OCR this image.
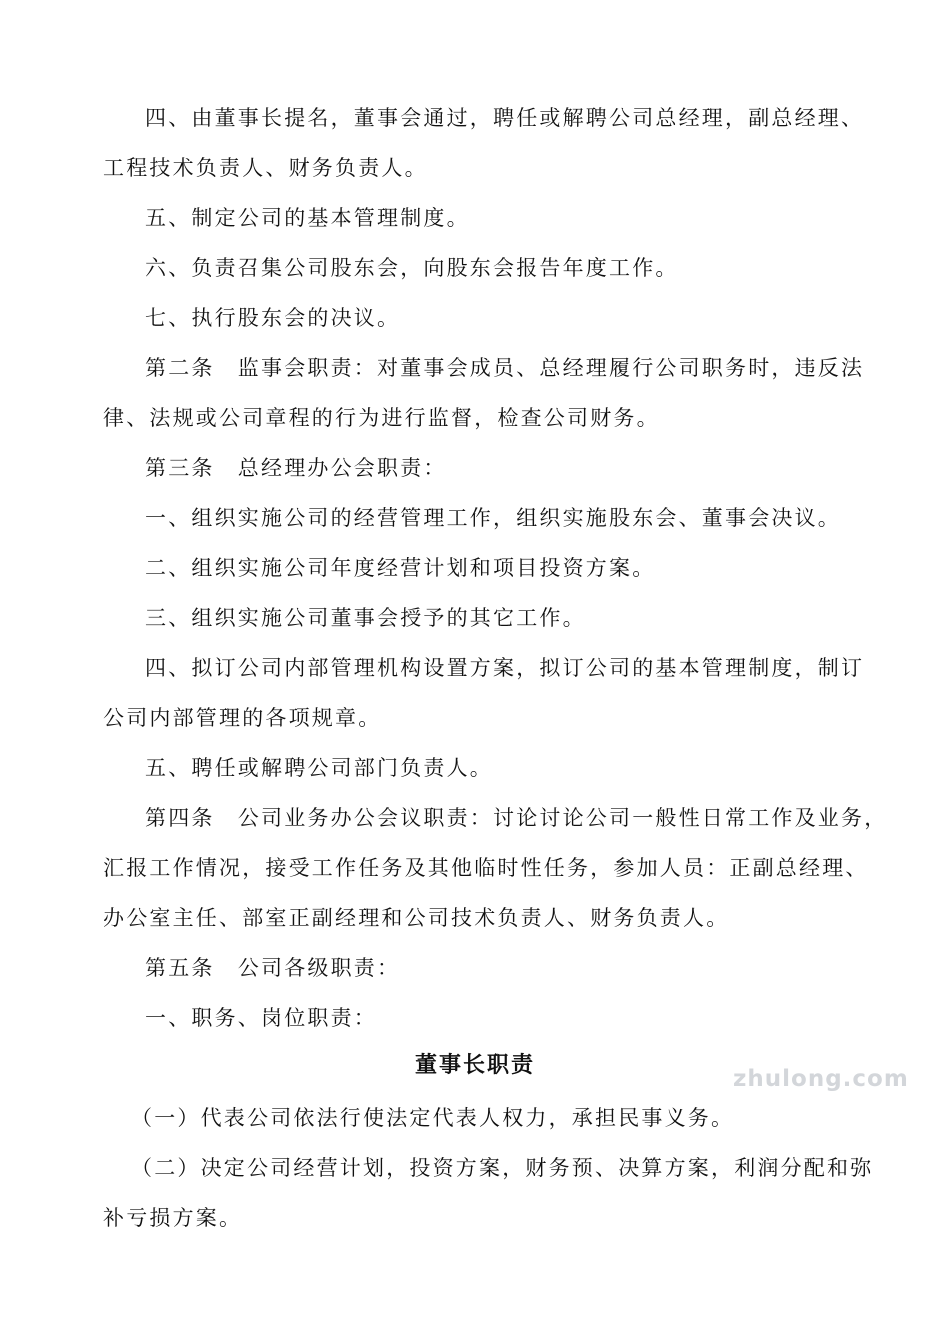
四、由董事长提名，董事会通过，聘任或解聘公司总经理，副总经理、
工程技术负责人、财务负责人。
五、制定公司的基本管理制度。
六、负责召集公司股东会，向股东会报告年度工作。
七、执行股东会的决议。
第二条　监事会职责：对董事会成员、总经理履行公司职务时，违反法
律、法规或公司章程的行为进行监督，检查公司财务。
第三条　总经理办公会职责：
一、组织实施公司的经营管理工作，组织实施股东会、董事会决议。
二、组织实施公司年度经营计划和项目投资方案。
三、组织实施公司董事会授予的其它工作。
四、拟订公司内部管理机构设置方案，拟订公司的基本管理制度，制订
公司内部管理的各项规章。
五、聘任或解聘公司部门负责人。
第四条　公司业务办公会议职责：讨论讨论公司一般性日常工作及业务，
汇报工作情况，接受工作任务及其他临时性任务，参加人员：正副总经理、
办公室主任、部室正副经理和公司技术负责人、财务负责人。
第五条　公司各级职责：
一、职务、岗位职责：
董事长职责
zhulong.com
（一）代表公司依法行使法定代表人权力，承担民事义务。
（二）决定公司经营计划，投资方案，财务预、决算方案，利润分配和弥
补亏损方案。
